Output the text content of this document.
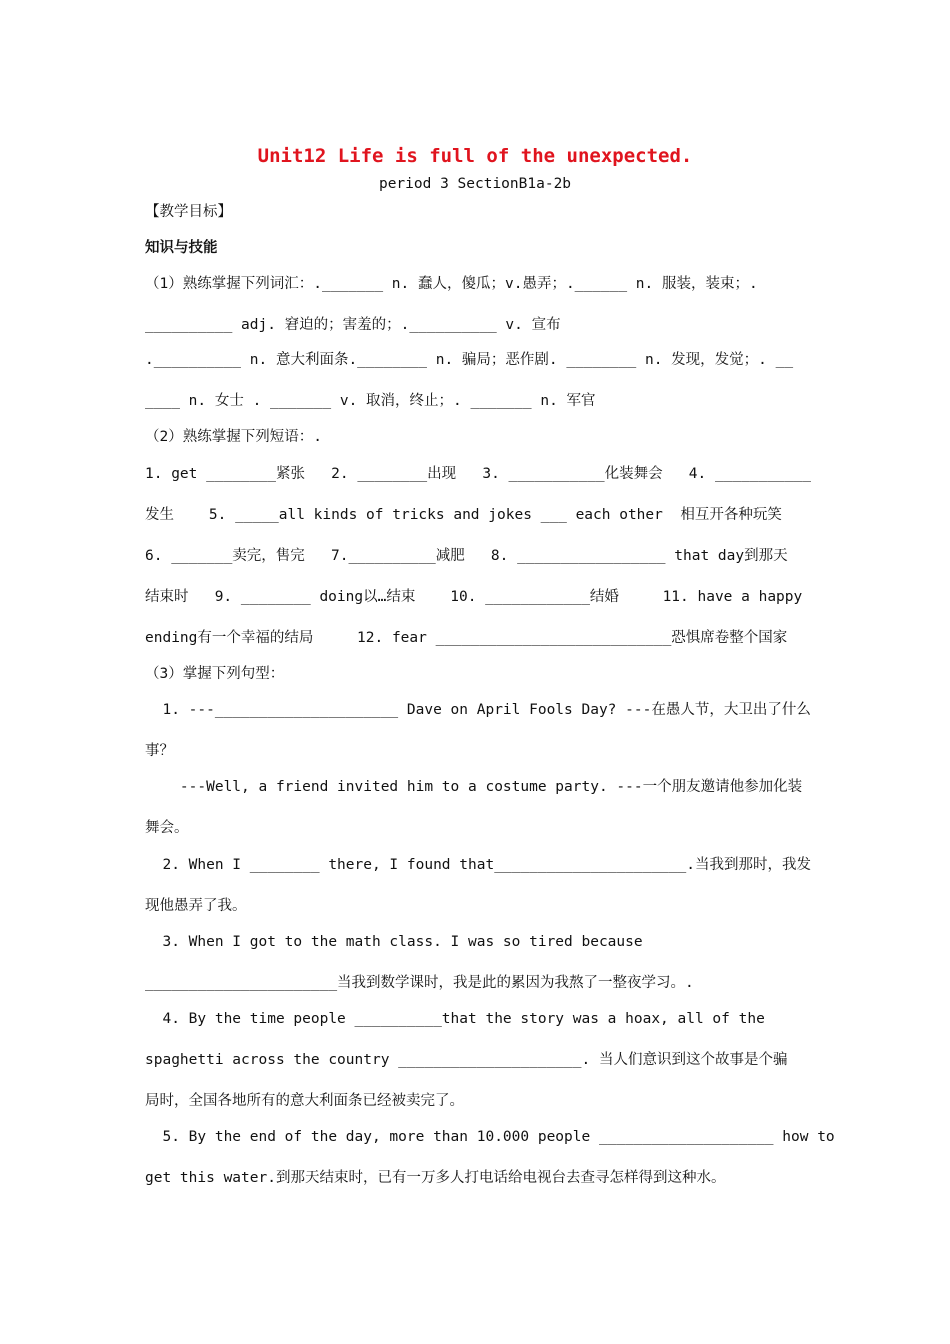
Unit12 Life is full of the unexpected.
period 3 SectionB1a-2b
【教学目标】
知识与技能
（1）熟练掌握下列词汇：._______ n. 蠢人，傻瓜；v.愚弄；.______ n. 服装，装束；.
__________ adj. 窘迫的；害羞的；.__________ v. 宣布
.__________ n. 意大利面条.________ n. 骗局；恶作剧. ________ n. 发现，发觉；. __
____ n. 女士 . _______ v. 取消，终止；. _______ n. 军官
（2）熟练掌握下列短语：.
1. get ________紧张   2. ________出现   3. ___________化装舞会   4. ___________
发生    5. _____all kinds of tricks and jokes ___ each other  相互开各种玩笑
6. _______卖完，售完   7.__________减肥   8. _________________ that day到那天
结束时   9. ________ doing以…结束    10. ____________结婚     11. have a happy
ending有一个幸福的结局     12. fear ___________________________恐惧席卷整个国家
（3）掌握下列句型：
1. ---_____________________ Dave on April Fools Day? ---在愚人节，大卫出了什么
事？
---Well, a friend invited him to a costume party. ---一个朋友邀请他参加化装
舞会。
2. When I ________ there, I found that______________________.当我到那时，我发
现他愚弄了我。
3. When I got to the math class. I was so tired because
______________________当我到数学课时，我是此的累因为我熬了一整夜学习。.
4. By the time people __________that the story was a hoax, all of the
spaghetti across the country _____________________. 当人们意识到这个故事是个骗
局时，全国各地所有的意大利面条已经被卖完了。
5. By the end of the day, more than 10.000 people ____________________ how to
get this water.到那天结束时，已有一万多人打电话给电视台去查寻怎样得到这种水。
